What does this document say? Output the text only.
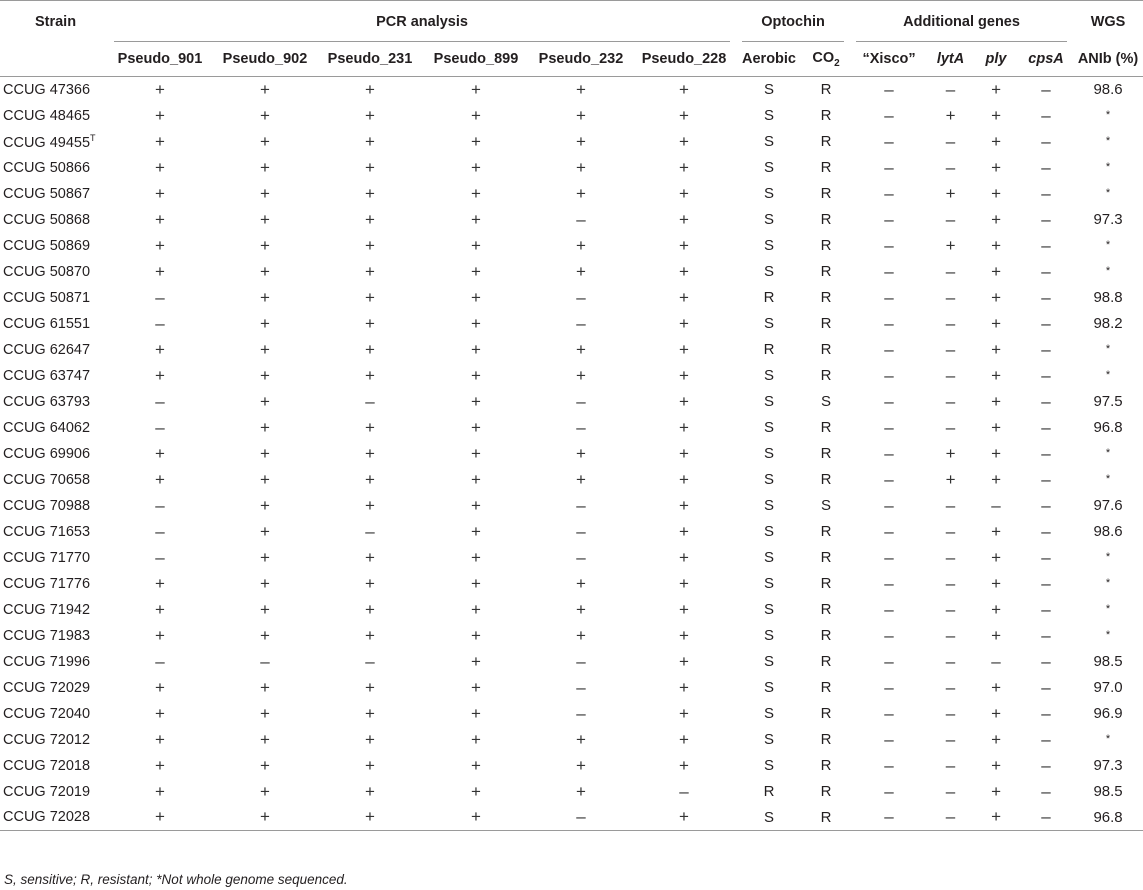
Strain	PCR analysis						Optochin		Additional genes				WGS
	Pseudo_901	Pseudo_902	Pseudo_231	Pseudo_899	Pseudo_232	Pseudo_228	Aerobic	$CO_2$	“Xisco”	lytA	ply	cpsA	ANIb (%)
CCUG 47366	+	+	+	+	+	+	S	R	–	–	+	–	98.6
CCUG 48465	+	+	+	+	+	+	S	R	–	+	+	–	*
CCUG $49455^T$	+	+	+	+	+	+	S	R	–	–	+	–	*
CCUG 50866	+	+	+	+	+	+	S	R	–	–	+	–	*
CCUG 50867	+	+	+	+	+	+	S	R	–	+	+	–	*
CCUG 50868	+	+	+	+	–	+	S	R	–	–	+	–	97.3
CCUG 50869	+	+	+	+	+	+	S	R	–	+	+	–	*
CCUG 50870	+	+	+	+	+	+	S	R	–	–	+	–	*
CCUG 50871	–	+	+	+	–	+	R	R	–	–	+	–	98.8
CCUG 61551	–	+	+	+	–	+	S	R	–	–	+	–	98.2
CCUG 62647	+	+	+	+	+	+	R	R	–	–	+	–	*
CCUG 63747	+	+	+	+	+	+	S	R	–	–	+	–	*
CCUG 63793	–	+	–	+	–	+	S	S	–	–	+	–	97.5
CCUG 64062	–	+	+	+	–	+	S	R	–	–	+	–	96.8
CCUG 69906	+	+	+	+	+	+	S	R	–	+	+	–	*
CCUG 70658	+	+	+	+	+	+	S	R	–	+	+	–	*
CCUG 70988	–	+	+	+	–	+	S	S	–	–	–	–	97.6
CCUG 71653	–	+	–	+	–	+	S	R	–	–	+	–	98.6
CCUG 71770	–	+	+	+	–	+	S	R	–	–	+	–	*
CCUG 71776	+	+	+	+	+	+	S	R	–	–	+	–	*
CCUG 71942	+	+	+	+	+	+	S	R	–	–	+	–	*
CCUG 71983	+	+	+	+	+	+	S	R	–	–	+	–	*
CCUG 71996	–	–	–	+	–	+	S	R	–	–	–	–	98.5
CCUG 72029	+	+	+	+	–	+	S	R	–	–	+	–	97.0
CCUG 72040	+	+	+	+	–	+	S	R	–	–	+	–	96.9
CCUG 72012	+	+	+	+	+	+	S	R	–	–	+	–	*
CCUG 72018	+	+	+	+	+	+	S	R	–	–	+	–	97.3
CCUG 72019	+	+	+	+	+	–	R	R	–	–	+	–	98.5
CCUG 72028	+	+	+	+	–	+	S	R	–	–	+	–	96.8
S, sensitive; R, resistant; *Not whole genome sequenced.
